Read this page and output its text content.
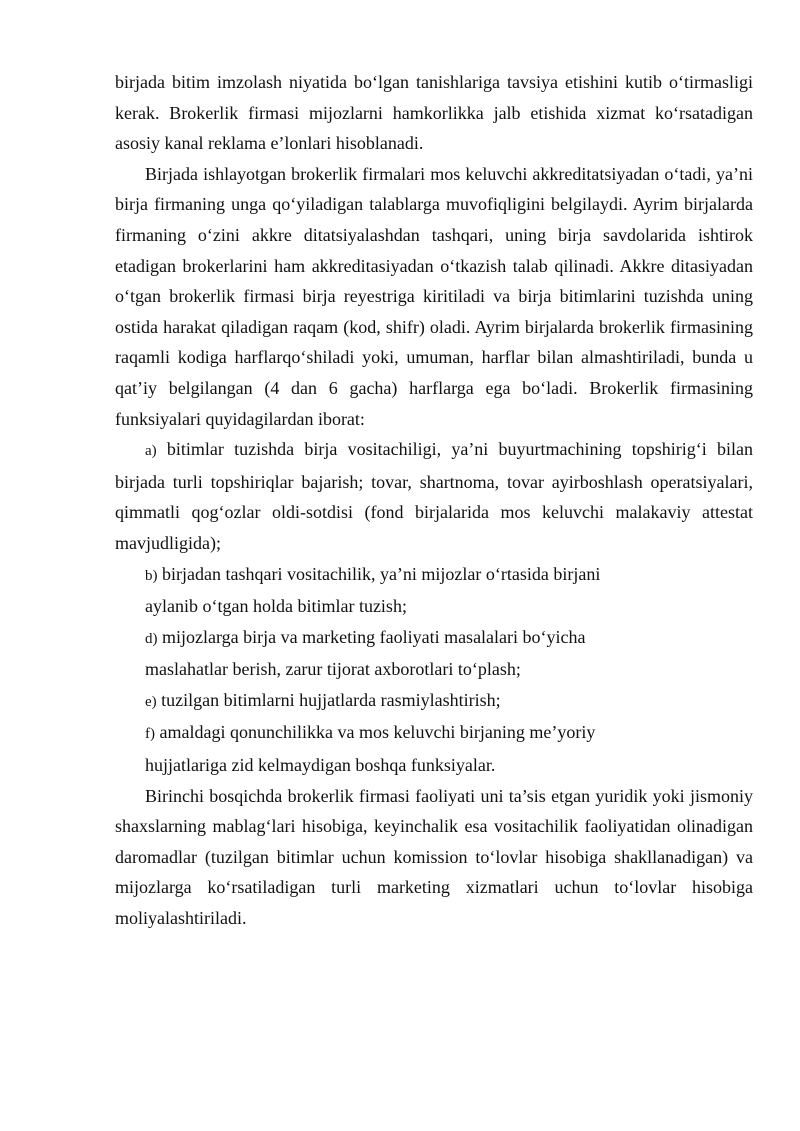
birjada bitim imzolash niyatida bo‘lgan tanishlariga tavsiya etishini kutib o‘tirmasligi kerak. Brokerlik firmasi mijozlarni hamkorlikka jalb etishida xizmat ko‘rsatadigan asosiy kanal reklama e’lonlari hisoblanadi.

Birjada ishlayotgan brokerlik firmalari mos keluvchi akkreditatsiyadan o‘tadi, ya’ni birja firmaning unga qo‘yiladigan talablarga muvofiqligini belgilaydi. Ayrim birjalarda firmaning o‘zini akkre ditatsiyalashdan tashqari, uning birja savdolarida ishtirok etadigan brokerlarini ham akkreditasiyadan o‘tkazish talab qilinadi. Akkre ditasiyadan o‘tgan brokerlik firmasi birja reyestriga kiritiladi va birja bitimlarini tuzishda uning ostida harakat qiladigan raqam (kod, shifr) oladi. Ayrim birjalarda brokerlik firmasining raqamli kodiga harflarqo‘shiladi yoki, umuman, harflar bilan almashtiriladi, bunda u qat’iy belgilangan (4 dan 6 gacha) harflarga ega bo‘ladi. Brokerlik firmasining funksiyalari quyidagilardan iborat:

a) bitimlar tuzishda birja vositachiligi, ya’ni buyurtmachining topshirig‘i bilan birjada turli topshiriqlar bajarish; tovar, shartnoma, tovar ayirboshlash operatsiyalari, qimmatli qog‘ozlar oldi-sotdisi (fond birjalarida mos keluvchi malakaviy attestat mavjudligida);

b) birjadan tashqari vositachilik, ya’ni mijozlar o‘rtasida birjani

aylanib o‘tgan holda bitimlar tuzish;

d) mijozlarga birja va marketing faoliyati masalalari bo‘yicha

maslahatlar berish, zarur tijorat axborotlari to‘plash;

e) tuzilgan bitimlarni hujjatlarda rasmiylashtirish;

f) amaldagi qonunchilikka va mos keluvchi birjaning me’yoriy

hujjatlariga zid kelmaydigan boshqa funksiyalar.

Birinchi bosqichda brokerlik firmasi faoliyati uni ta’sis etgan yuridik yoki jismoniy shaxslarning mablag‘lari hisobiga, keyinchalik esa vositachilik faoliyatidan olinadigan daromadlar (tuzilgan bitimlar uchun komission to‘lovlar hisobiga shakllanadigan) va mijozlarga ko‘rsatiladigan turli marketing xizmatlari uchun to‘lovlar hisobiga moliyalashtiriladi.
